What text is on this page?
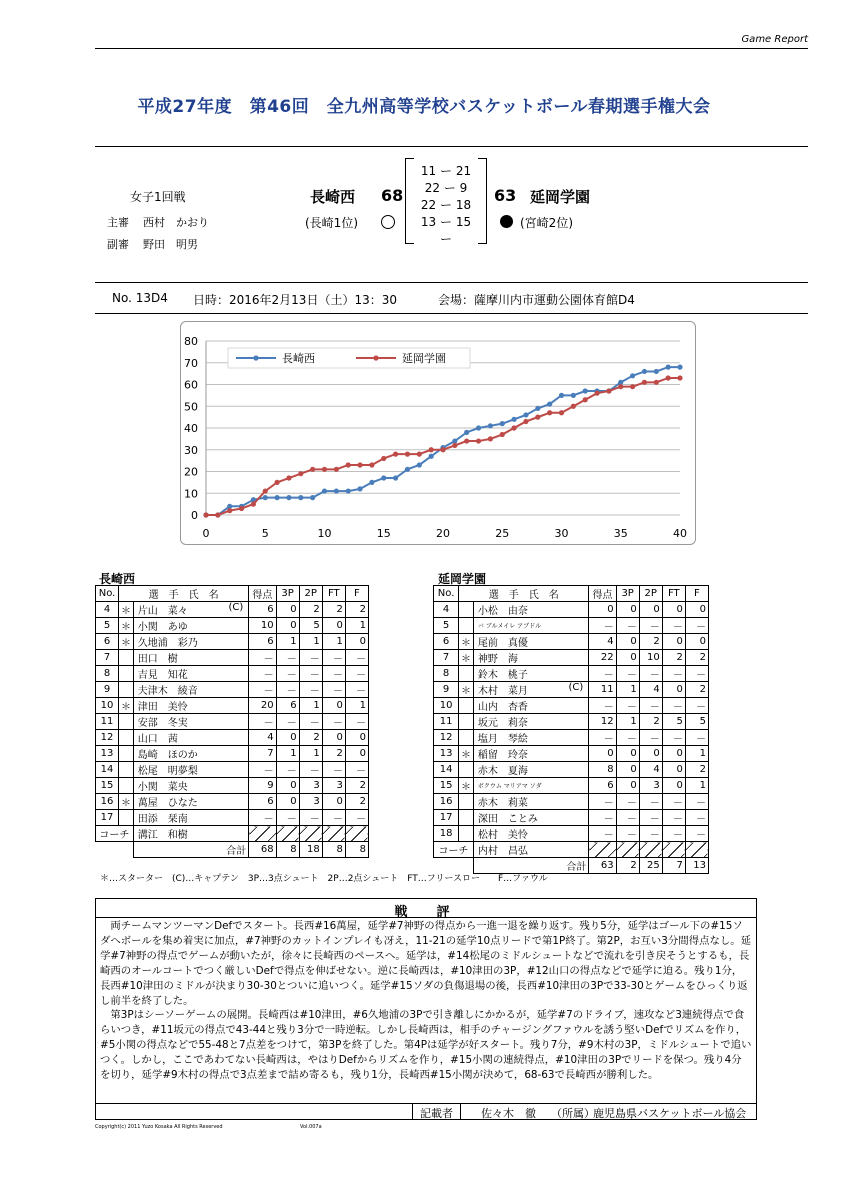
Game Report
平成27年度　第46回　全九州高等学校バスケットボール春期選手権大会
女子1回戦
主審 西村　かおり
副審 野田　明男
長崎西 68
(長崎1位)
11 ー 21
22 ー 9
22 ー 18
13 ー 15
ー
63 延岡学園
(宮崎2位)
No. 13D4 日時：2016年2月13日（土）13：30	会場：薩摩川内市運動公園体育館D4
0
10
20
30
40
50
60
70
80
0	5	10	15	20	25	30	35	40
長崎西	延岡学園
長崎西
No.	選　手　氏　名		得点	3P	2P	FT	F
4	＊	片山　菜々 (C)	6	0	2	2	2
5	＊	小関　あゆ	10	0	5	0	1
6	＊	久地浦　彩乃	6	1	1	1	0
7		田口　樹	－	－	－	－	－
8		吉見　知花	－	－	－	－	－
9		夫津木　綾音	－	－	－	－	－
10	＊	津田　美怜	20	6	1	0	1
11		安部　冬実	－	－	－	－	－
12		山口　茜	4	0	2	0	0
13		島崎　ほのか	7	1	1	2	0
14		松尾　明夢梨	－	－	－	－	－
15		小関　菜央	9	0	3	3	2
16	＊	萬屋　ひなた	6	0	3	0	2
17		田添　栞南	－	－	－	－	－
コーチ		溝江　和樹					
		合計	68	8	18	8	8
延岡学園
No.	選　手　氏　名		得点	3P	2P	FT	F
4		小松　由奈	0	0	0	0	0
5		バ ブルメイレ アブドル	－	－	－	－	－
6	＊	尾前　真優	4	0	2	0	0
7	＊	神野　海	22	0	10	2	2
8		鈴木　桃子	－	－	－	－	－
9	＊	木村　菜月 (C)	11	1	4	0	2
10		山内　杏香	－	－	－	－	－
11		坂元　莉奈	12	1	2	5	5
12		塩月　琴絵	－	－	－	－	－
13	＊	稲留　玲奈	0	0	0	0	1
14		赤木　夏海	8	0	4	0	2
15	＊	ボクウム マリアマ ソダ	6	0	3	0	1
16		赤木　莉菜	－	－	－	－	－
17		深田　ことみ	－	－	－	－	－
18		松村　美怜	－	－	－	－	－
コーチ		内村　昌弘					
		合計	63	2	25	7	13
＊…スターター　(C)…キャプテン　3P…3点シュート　2P…2点シュート　FT…フリースロー　　F…ファウル
戦　評
　両チームマンツーマンDefでスタート。長西#16萬屋，延学#7神野の得点から一進一退を繰り返す。残り5分，延学はゴール下の#15ソダへボールを集め着実に加点，#7神野のカットインプレイも冴え，11-21の延学10点リードで第1P終了。第2P，お互い3分間得点なし。延学#7神野の得点でゲームが動いたが，徐々に長崎西のペースへ。延学は，#14松尾のミドルシュートなどで流れを引き戻そうとするも，長崎西のオールコートでつく厳しいDefで得点を伸ばせない。逆に長崎西は，#10津田の3P，#12山口の得点などで延学に迫る。残り1分，長西#10津田のミドルが決まり30-30とついに追いつく。延学#15ソダの負傷退場の後，長西#10津田の3Pで33-30とゲームをひっくり返し前半を終了した。
　第3Pはシーソーゲームの展開。長崎西は#10津田，#6久地浦の3Pで引き離しにかかるが，延学#7のドライブ，速攻など3連続得点で食らいつき，#11坂元の得点で43-44と残り3分で一時逆転。しかし長崎西は，相手のチャージングファウルを誘う堅いDefでリズムを作り，#5小関の得点などで55-48と7点差をつけて，第3Pを終了した。第4Pは延学が好スタート。残り7分，#9木村の3P，ミドルシュートで追いつく。しかし，ここであわてない長崎西は，やはりDefからリズムを作り，#15小関の連続得点，#10津田の3Pでリードを保つ。残り4分を切り，延学#9木村の得点で3点差まで詰め寄るも，残り1分，長崎西#15小関が決めて，68-63で長崎西が勝利した。
記載者	佐々木　徹 （所属）
鹿児島県バスケットボール協会
Copyright(c) 2011 Yuzo Kosaka All Rights Reserved	Vol.007a
